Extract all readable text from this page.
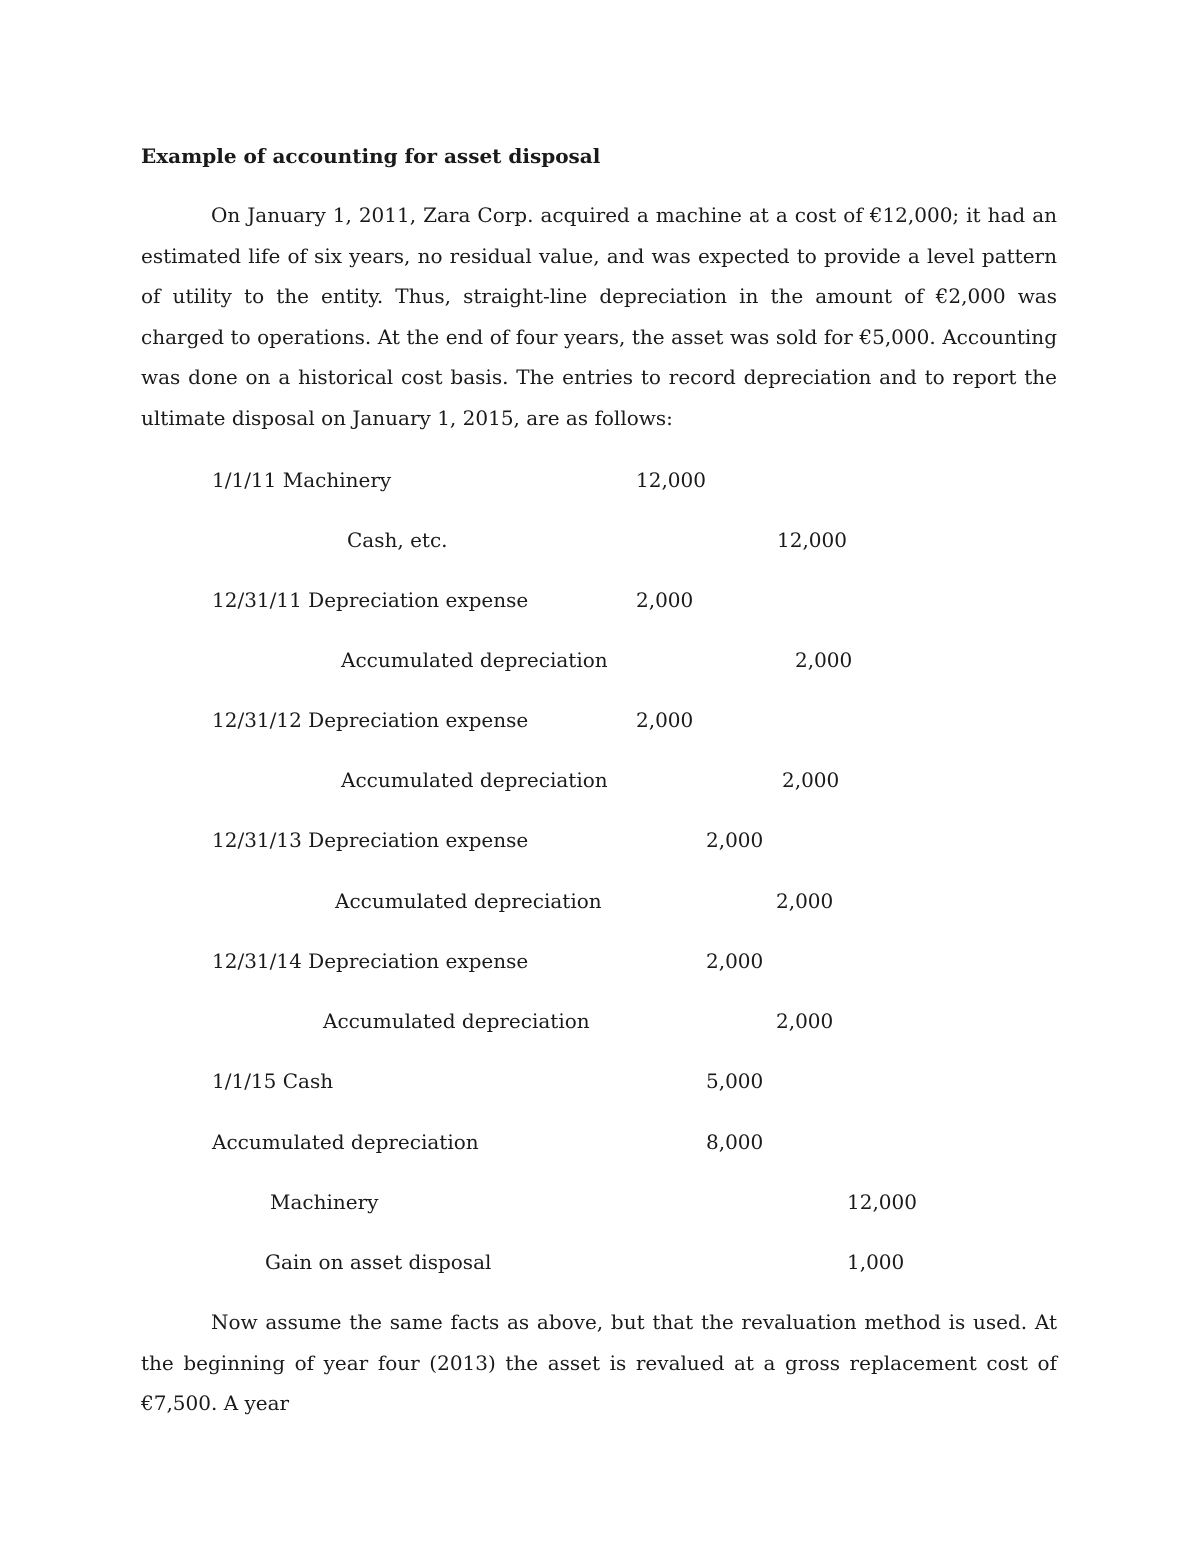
Example of accounting for asset disposal

On January 1, 2011, Zara Corp. acquired a machine at a cost of €12,000; it had an estimated life of six years, no residual value, and was expected to provide a level pattern of utility to the entity. Thus, straight-line depreciation in the amount of €2,000 was charged to operations. At the end of four years, the asset was sold for €5,000. Accounting was done on a historical cost basis. The entries to record depreciation and to report the ultimate disposal on January 1, 2015, are as follows:

1/1/11 Machinery	12,000
Cash, etc.	12,000
12/31/11 Depreciation expense	2,000
Accumulated depreciation	2,000
12/31/12 Depreciation expense	2,000
Accumulated depreciation	2,000
12/31/13 Depreciation expense	2,000
Accumulated depreciation	2,000
12/31/14 Depreciation expense	2,000
Accumulated depreciation	2,000
1/1/15 Cash	5,000
Accumulated depreciation	8,000
Machinery	12,000
Gain on asset disposal	1,000

Now assume the same facts as above, but that the revaluation method is used. At the beginning of year four (2013) the asset is revalued at a gross replacement cost of €7,500. A year
